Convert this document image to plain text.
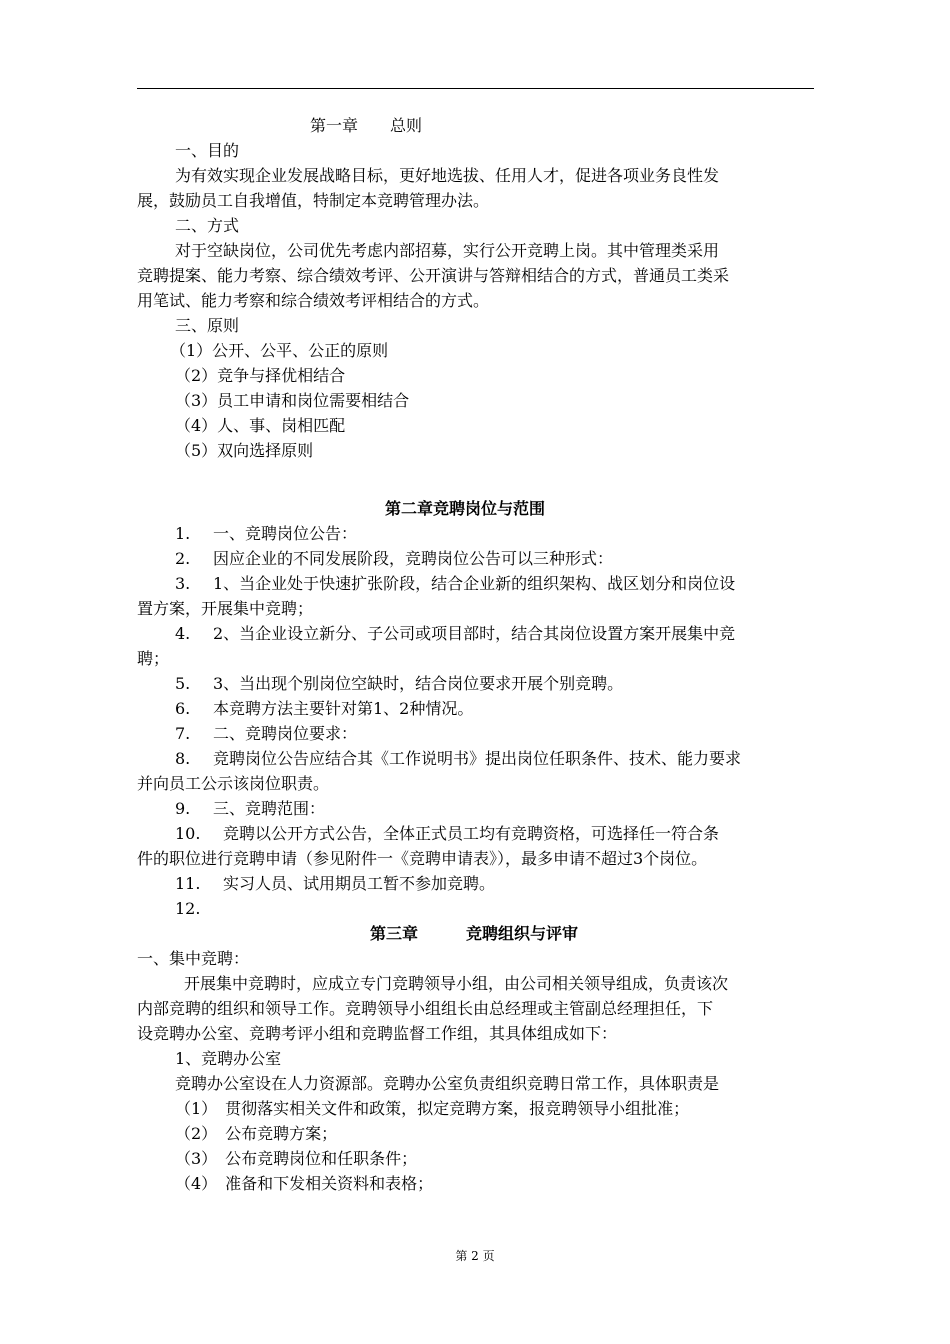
第一章　　总则
一、目的
为有效实现企业发展战略目标，更好地选拔、任用人才，促进各项业务良性发
展，鼓励员工自我增值，特制定本竞聘管理办法。
二、方式
对于空缺岗位，公司优先考虑内部招募，实行公开竞聘上岗。其中管理类采用
竞聘提案、能力考察、综合绩效考评、公开演讲与答辩相结合的方式，普通员工类采
用笔试、能力考察和综合绩效考评相结合的方式。
三、原则
（1）公开、公平、公正的原则
（2）竞争与择优相结合
（3）员工申请和岗位需要相结合
（4）人、事、岗相匹配
（5）双向选择原则
第二章竞聘岗位与范围
1. 一、竞聘岗位公告：
2. 因应企业的不同发展阶段，竞聘岗位公告可以三种形式：
3. 1、当企业处于快速扩张阶段，结合企业新的组织架构、战区划分和岗位设
置方案，开展集中竞聘；
4. 2、当企业设立新分、子公司或项目部时，结合其岗位设置方案开展集中竞
聘；
5. 3、当出现个别岗位空缺时，结合岗位要求开展个别竞聘。
6. 本竞聘方法主要针对第1、2种情况。
7. 二、竞聘岗位要求：
8. 竞聘岗位公告应结合其《工作说明书》提出岗位任职条件、技术、能力要求
并向员工公示该岗位职责。
9. 三、竞聘范围：
10. 竞聘以公开方式公告，全体正式员工均有竞聘资格，可选择任一符合条
件的职位进行竞聘申请（参见附件一《竞聘申请表》），最多申请不超过3个岗位。
11. 实习人员、试用期员工暂不参加竞聘。
12.
第三章　　　竞聘组织与评审
一、集中竞聘：
开展集中竞聘时，应成立专门竞聘领导小组，由公司相关领导组成，负责该次
内部竞聘的组织和领导工作。竞聘领导小组组长由总经理或主管副总经理担任，下
设竞聘办公室、竞聘考评小组和竞聘监督工作组，其具体组成如下：
1、竞聘办公室
竞聘办公室设在人力资源部。竞聘办公室负责组织竞聘日常工作，具体职责是
（1）　贯彻落实相关文件和政策，拟定竞聘方案，报竞聘领导小组批准；
（2）　公布竞聘方案；
（3）　公布竞聘岗位和任职条件；
（4）　准备和下发相关资料和表格；
第 2 页
